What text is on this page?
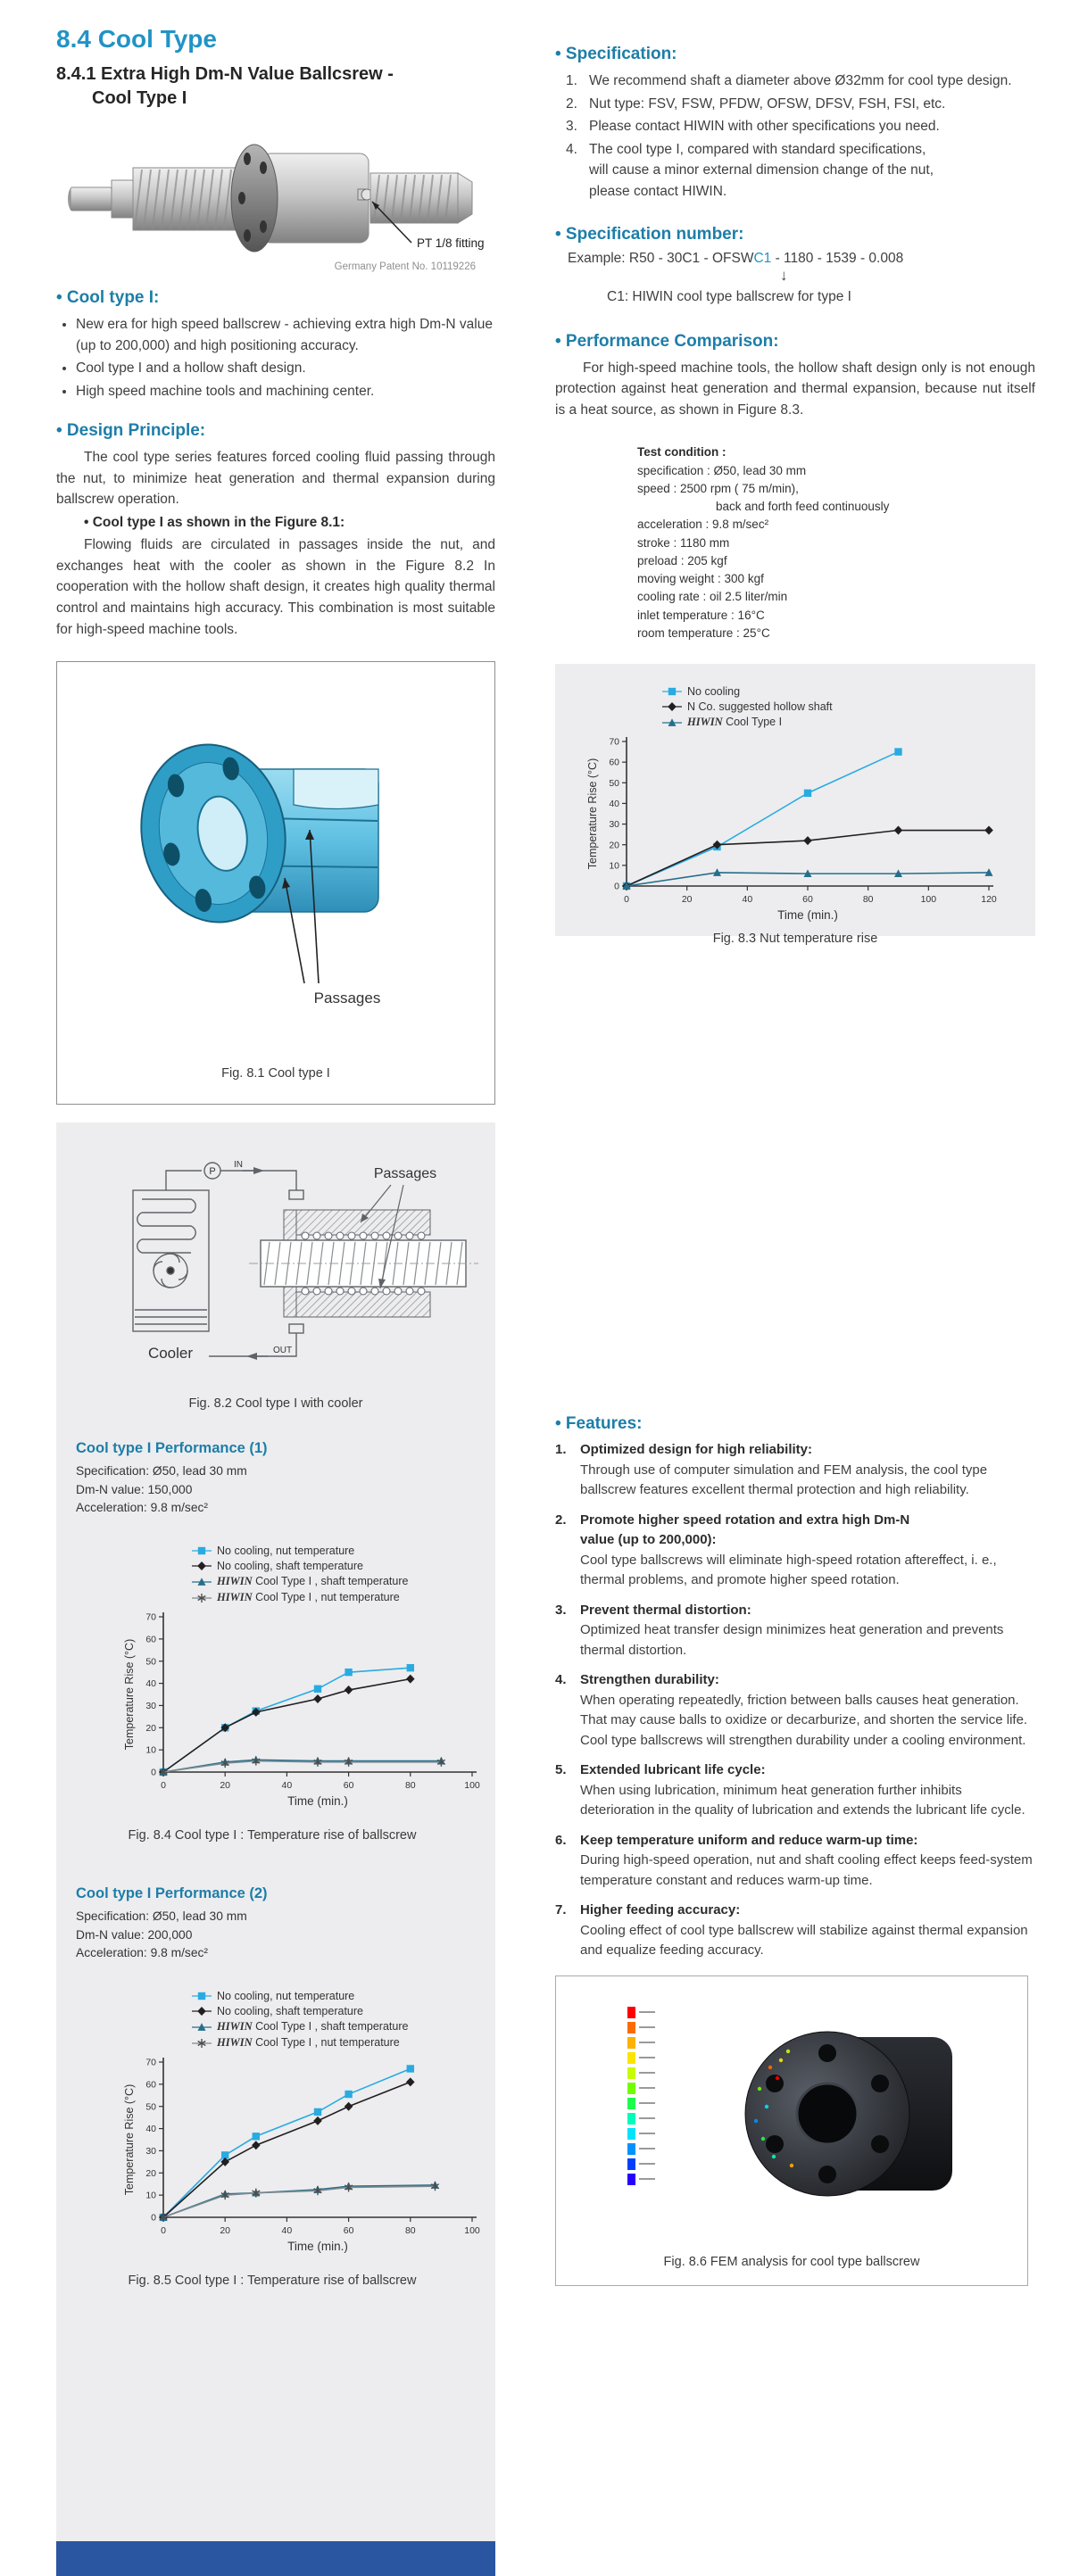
8.4 Cool Type
8.4.1 Extra High Dm-N Value Ballcsrew -
Cool Type I
PT 1/8 fitting
Germany Patent No. 10119226
• Cool type I:
• New era for high speed ballscrew - achieving extra high Dm-N value (up to 200,000) and high positioning accuracy.
• Cool type I and a hollow shaft design.
• High speed machine tools and machining center.
• Design Principle:

The cool type series features forced cooling fluid passing through the nut, to minimize heat generation and thermal expansion during ballscrew operation.

• Cool type I as shown in the Figure 8.1:

Flowing fluids are circulated in passages inside the nut, and exchanges heat with the cooler as shown in the Figure 8.2 In cooperation with the hollow shaft design, it creates high quality thermal control and maintains high accuracy. This combination is most suitable for high-speed machine tools.

Passages
Fig. 8.1 Cool type I
P
IN
OUT
Passages
Cooler
Fig. 8.2 Cool type I with cooler
• Specification:
1. We recommend shaft a diameter above Ø32mm for cool type design.
2. Nut type: FSV, FSW, PFDW, OFSW, DFSV, FSH, FSI, etc.
3. Please contact HIWIN with other specifications you need.
4. The cool type I, compared with standard specifications, will cause a minor external dimension change of the nut, please contact HIWIN.
• Specification number:
Example: R50 - 30C1 - OFSWC1 - 1180 - 1539 - 0.008
↓
C1: HIWIN cool type ballscrew for type I
• Performance Comparison:

For high-speed machine tools, the hollow shaft design only is not enough protection against heat generation and thermal expansion, because nut itself is a heat source, as shown in Figure 8.3.

Test condition :
specification : Ø50, lead 30 mm
speed : 2500 rpm ( 75 m/min),
back and forth feed continuously
acceleration : 9.8 m/sec²
stroke : 1180 mm
preload : 205 kgf
moving weight : 300 kgf
cooling rate : oil 2.5 liter/min
inlet temperature : 16°C
room temperature : 25°C
No cooling
N Co. suggested hollow shaft
HIWIN Cool Type I
0
10
20
30
40
50
60
70
0	20	40	60	80	100	120
Time (min.)
Temperature Rise (°C)
Fig. 8.3 Nut temperature rise
Cool type I Performance (1)
Specification: Ø50, lead 30 mm
Dm-N value: 150,000
Acceleration: 9.8 m/sec²
No cooling, nut temperature
No cooling, shaft temperature
HIWIN Cool Type I , shaft temperature
HIWIN Cool Type I , nut temperature
0
10
20
30
40
50
60
70
0	20	40	60	80	100
Time (min.)
Temperature Rise (°C)
Fig. 8.4 Cool type I : Temperature rise of ballscrew
Cool type I Performance (2)
Specification: Ø50, lead 30 mm
Dm-N value: 200,000
Acceleration: 9.8 m/sec²
No cooling, nut temperature
No cooling, shaft temperature
HIWIN Cool Type I , shaft temperature
HIWIN Cool Type I , nut temperature
0
10
20
30
40
50
60
70
0	20	40	60	80	100
Time (min.)
Temperature Rise (°C)
Fig. 8.5 Cool type I : Temperature rise of ballscrew
• Features:
1.	Optimized design for high reliability:
Through use of computer simulation and FEM analysis, the cool type ballscrew features excellent thermal protection and high reliability.
2.	Promote higher speed rotation and extra high Dm-N value (up to 200,000):
Cool type ballscrews will eliminate high-speed rotation aftereffect, i. e., thermal problems, and promote higher speed rotation.
3.	Prevent thermal distortion:
Optimized heat transfer design minimizes heat generation and prevents thermal distortion.
4.	Strengthen durability:
When operating repeatedly, friction between balls causes heat generation. That may cause balls to oxidize or decarburize, and shorten the service life. Cool type ballscrews will strengthen durability under a cooling environment.
5.	Extended lubricant life cycle:
When using lubrication, minimum heat generation further inhibits deterioration in the quality of lubrication and extends the lubricant life cycle.
6.	Keep temperature uniform and reduce warm-up time:
During high-speed operation, nut and shaft cooling effect keeps feed-system temperature constant and reduces warm-up time.
7.	Higher feeding accuracy:
Cooling effect of cool type ballscrew will stabilize against thermal expansion and equalize feeding accuracy.
Fig. 8.6 FEM analysis for cool type ballscrew
